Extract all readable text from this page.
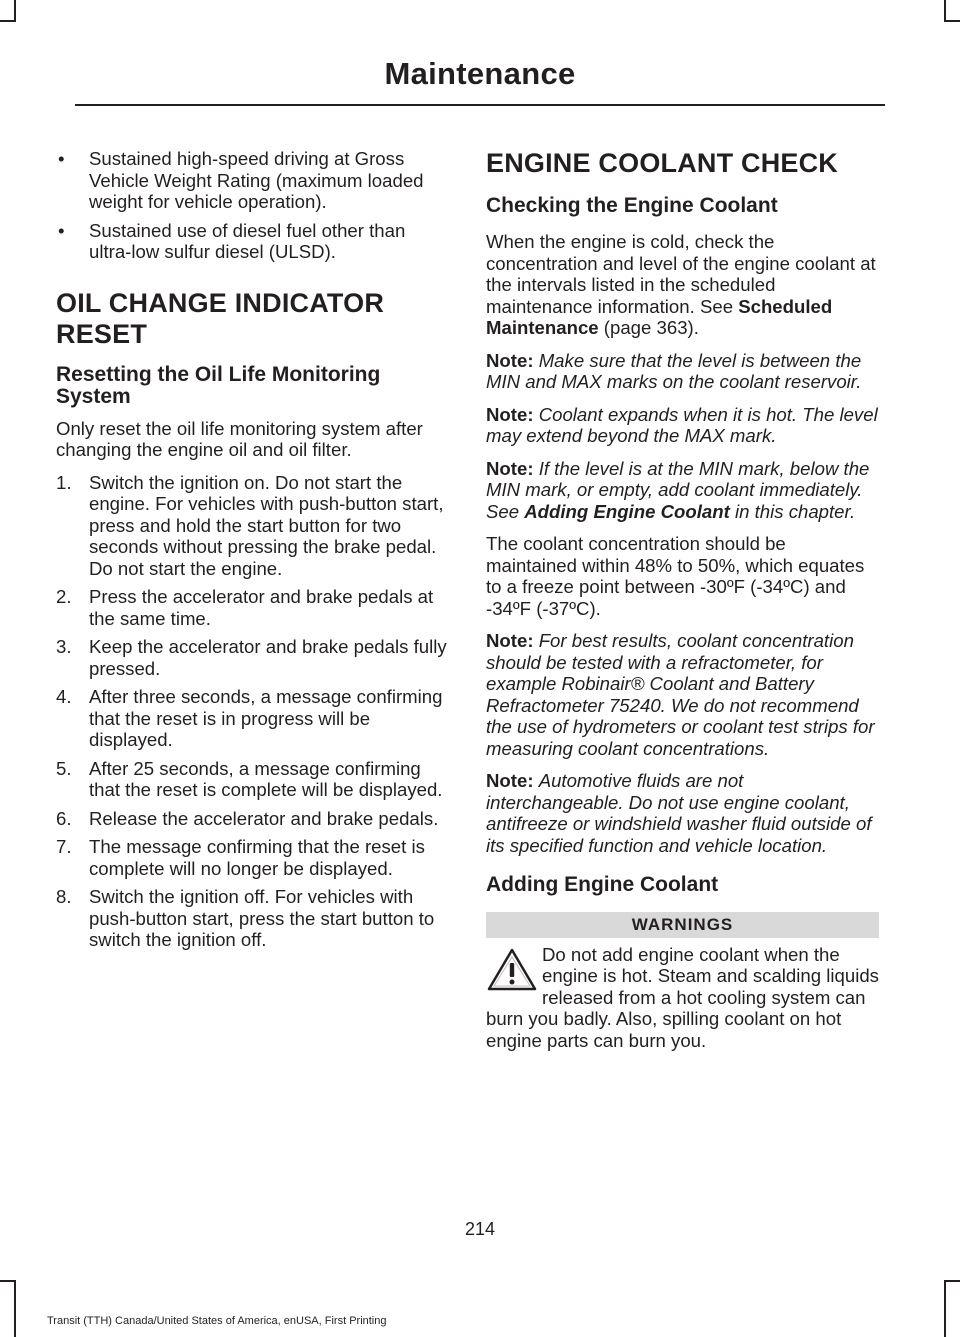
Maintenance
• Sustained high-speed driving at Gross Vehicle Weight Rating (maximum loaded weight for vehicle operation).
• Sustained use of diesel fuel other than ultra-low sulfur diesel (ULSD).
OIL CHANGE INDICATOR
RESET
Resetting the Oil Life Monitoring System

Only reset the oil life monitoring system after changing the engine oil and oil filter.

1. Switch the ignition on. Do not start the engine. For vehicles with push-button start, press and hold the start button for two seconds without pressing the brake pedal. Do not start the engine.
2. Press the accelerator and brake pedals at the same time.
3. Keep the accelerator and brake pedals fully pressed.
4. After three seconds, a message confirming that the reset is in progress will be displayed.
5. After 25 seconds, a message confirming that the reset is complete will be displayed.
6. Release the accelerator and brake pedals.
7. The message confirming that the reset is complete will no longer be displayed.
8. Switch the ignition off. For vehicles with push-button start, press the start button to switch the ignition off.
ENGINE COOLANT CHECK
Checking the Engine Coolant

When the engine is cold, check the concentration and level of the engine coolant at the intervals listed in the scheduled maintenance information. See Scheduled Maintenance (page 363).

Note: Make sure that the level is between the MIN and MAX marks on the coolant reservoir.

Note: Coolant expands when it is hot. The level may extend beyond the MAX mark.

Note: If the level is at the MIN mark, below the MIN mark, or empty, add coolant immediately. See Adding Engine Coolant in this chapter.

The coolant concentration should be maintained within 48% to 50%, which equates to a freeze point between -30ºF (-34ºC) and -34ºF (-37ºC).

Note: For best results, coolant concentration should be tested with a refractometer, for example Robinair® Coolant and Battery Refractometer 75240. We do not recommend the use of hydrometers or coolant test strips for measuring coolant concentrations.

Note: Automotive fluids are not interchangeable. Do not use engine coolant, antifreeze or windshield washer fluid outside of its specified function and vehicle location.

Adding Engine Coolant
WARNINGS
Do not add engine coolant when the engine is hot. Steam and scalding liquids released from a hot cooling system can burn you badly. Also, spilling coolant on hot engine parts can burn you.
214
Transit (TTH) Canada/United States of America, enUSA, First Printing
